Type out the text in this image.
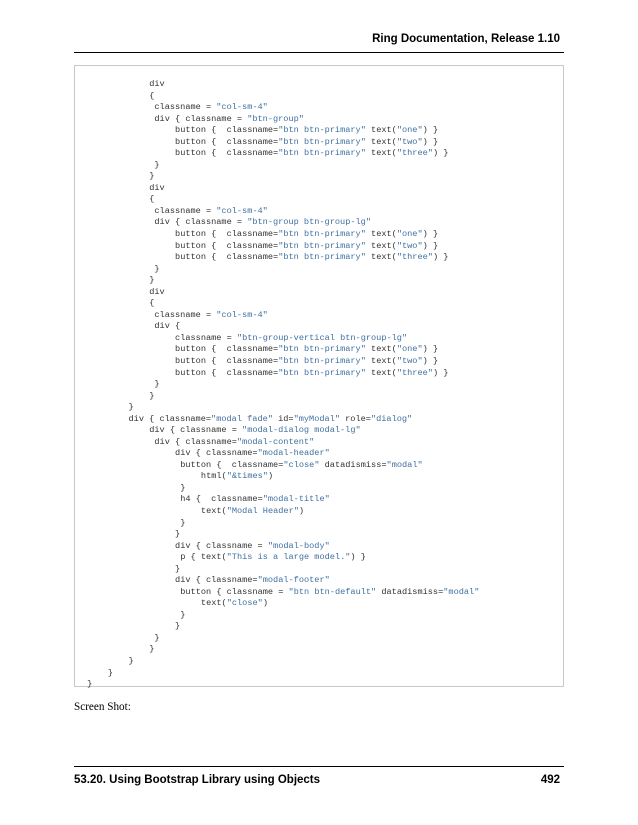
Ring Documentation, Release 1.10
div
{
classname = "col-sm-4"
div { classname = "btn-group"
button {  classname="btn btn-primary" text("one") }
button {  classname="btn btn-primary" text("two") }
button {  classname="btn btn-primary" text("three") }
}
}
div
{
classname = "col-sm-4"
div { classname = "btn-group btn-group-lg"
button {  classname="btn btn-primary" text("one") }
button {  classname="btn btn-primary" text("two") }
button {  classname="btn btn-primary" text("three") }
}
}
div
{
classname = "col-sm-4"
div {
classname = "btn-group-vertical btn-group-lg"
button {  classname="btn btn-primary" text("one") }
button {  classname="btn btn-primary" text("two") }
button {  classname="btn btn-primary" text("three") }
}
}
}
div { classname="modal fade" id="myModal" role="dialog"
div { classname = "modal-dialog modal-lg"
div { classname="modal-content"
div { classname="modal-header"
button {  classname="close" datadismiss="modal"
html("&times")
}
h4 {  classname="modal-title"
text("Modal Header")
}
}
div { classname = "modal-body"
p { text("This is a large model.") }
}
div { classname="modal-footer"
button { classname = "btn btn-default" datadismiss="modal"
text("close")
}
}
}
}
}
}
}
Screen Shot:
53.20. Using Bootstrap Library using Objects	492
